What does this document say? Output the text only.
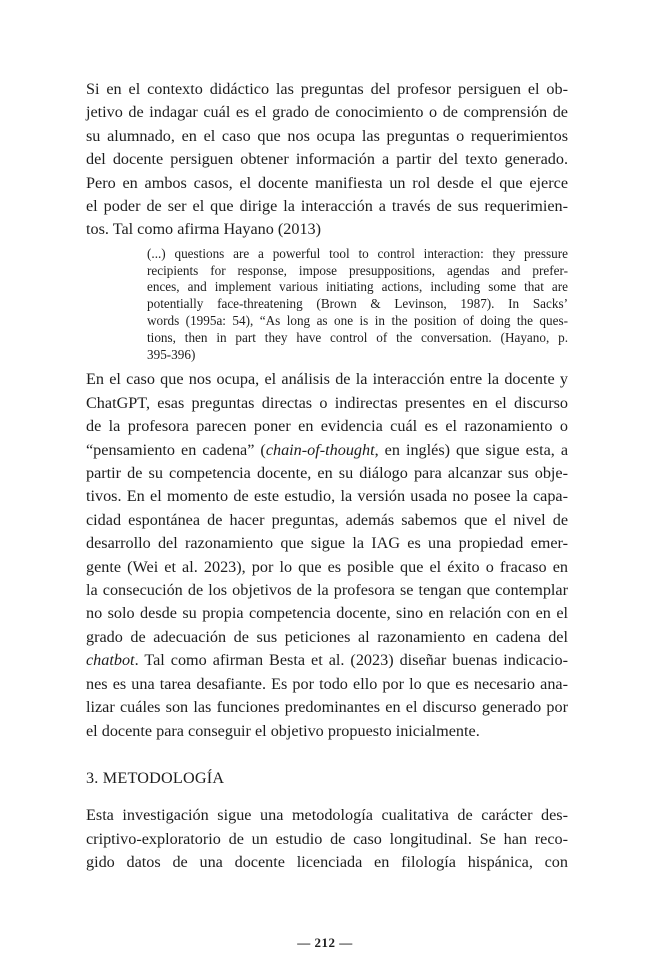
Si en el contexto didáctico las preguntas del profesor persiguen el ob-
jetivo de indagar cuál es el grado de conocimiento o de comprensión de
su alumnado, en el caso que nos ocupa las preguntas o requerimientos
del docente persiguen obtener información a partir del texto generado.
Pero en ambos casos, el docente manifiesta un rol desde el que ejerce
el poder de ser el que dirige la interacción a través de sus requerimien-
tos. Tal como afirma Hayano (2013)

(...) questions are a powerful tool to control interaction: they pressure
recipients for response, impose presuppositions, agendas and prefer-
ences, and implement various initiating actions, including some that are
potentially face-threatening (Brown & Levinson, 1987). In Sacks’
words (1995a: 54), “As long as one is in the position of doing the ques-
tions, then in part they have control of the conversation. (Hayano, p.
395-396)

En el caso que nos ocupa, el análisis de la interacción entre la docente y
ChatGPT, esas preguntas directas o indirectas presentes en el discurso
de la profesora parecen poner en evidencia cuál es el razonamiento o
“pensamiento en cadena” (chain-of-thought, en inglés) que sigue esta, a
partir de su competencia docente, en su diálogo para alcanzar sus obje-
tivos. En el momento de este estudio, la versión usada no posee la capa-
cidad espontánea de hacer preguntas, además sabemos que el nivel de
desarrollo del razonamiento que sigue la IAG es una propiedad emer-
gente (Wei et al. 2023), por lo que es posible que el éxito o fracaso en
la consecución de los objetivos de la profesora se tengan que contemplar
no solo desde su propia competencia docente, sino en relación con en el
grado de adecuación de sus peticiones al razonamiento en cadena del
chatbot. Tal como afirman Besta et al. (2023) diseñar buenas indicacio-
nes es una tarea desafiante. Es por todo ello por lo que es necesario ana-
lizar cuáles son las funciones predominantes en el discurso generado por
el docente para conseguir el objetivo propuesto inicialmente.

3. METODOLOGÍA

Esta investigación sigue una metodología cualitativa de carácter des-
criptivo-exploratorio de un estudio de caso longitudinal. Se han reco-
gido datos de una docente licenciada en filología hispánica, con

— 212 —
